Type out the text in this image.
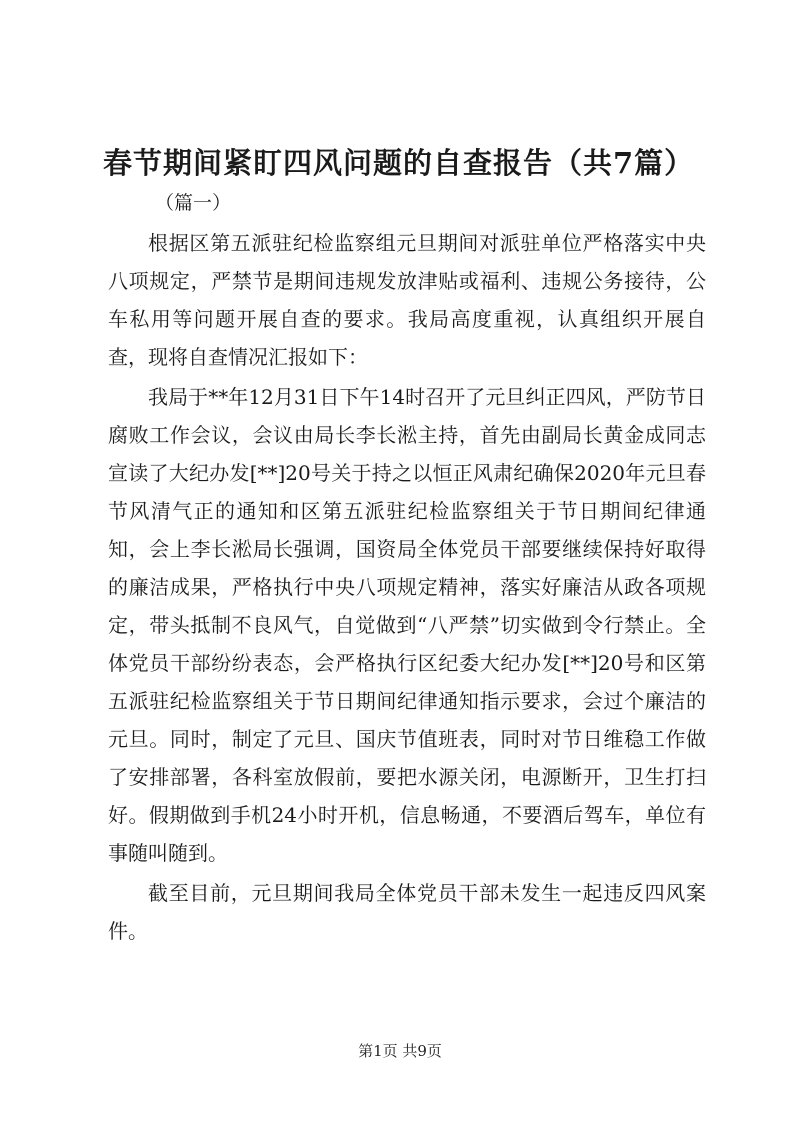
春节期间紧盯四风问题的自查报告（共7篇）
（篇一）

根据区第五派驻纪检监察组元旦期间对派驻单位严格落实中央八项规定，严禁节是期间违规发放津贴或福利、违规公务接待，公车私用等问题开展自查的要求。我局高度重视，认真组织开展自查，现将自查情况汇报如下：

我局于**年12月31日下午14时召开了元旦纠正四风，严防节日腐败工作会议，会议由局长李长淞主持，首先由副局长黄金成同志宣读了大纪办发[**]20号关于持之以恒正风肃纪确保2020年元旦春节风清气正的通知和区第五派驻纪检监察组关于节日期间纪律通知，会上李长淞局长强调，国资局全体党员干部要继续保持好取得的廉洁成果，严格执行中央八项规定精神，落实好廉洁从政各项规定，带头抵制不良风气，自觉做到“八严禁”切实做到令行禁止。全体党员干部纷纷表态，会严格执行区纪委大纪办发[**]20号和区第五派驻纪检监察组关于节日期间纪律通知指示要求，会过个廉洁的元旦。同时，制定了元旦、国庆节值班表，同时对节日维稳工作做了安排部署，各科室放假前，要把水源关闭，电源断开，卫生打扫好。假期做到手机24小时开机，信息畅通，不要酒后驾车，单位有事随叫随到。

截至目前，元旦期间我局全体党员干部未发生一起违反四风案件。

第1页 共9页
